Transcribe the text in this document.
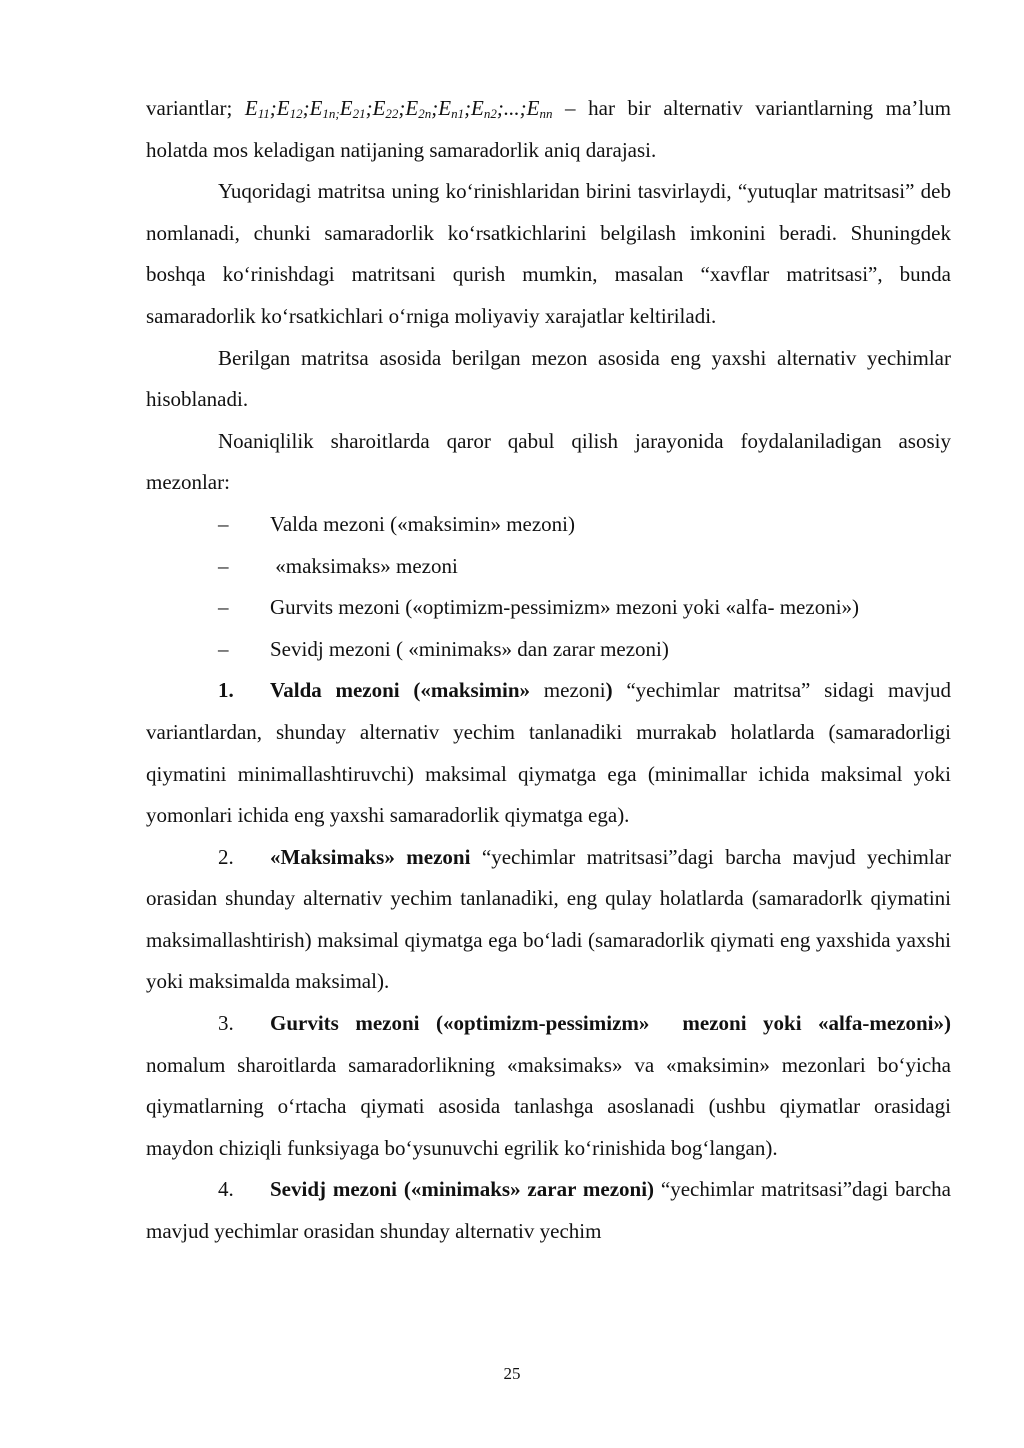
variantlar; $E_{11};E_{12};E_{1n;}E_{21};E_{22};E_{2n};E_{n1};E_{n2};...;E_{nn}$ – har bir alternativ variantlarning ma’lum holatda mos keladigan natijaning samaradorlik aniq darajasi.

Yuqoridagi matritsa uning ko‘rinishlaridan birini tasvirlaydi, “yutuqlar matritsasi” deb nomlanadi, chunki samaradorlik ko‘rsatkichlarini belgilash imkonini beradi. Shuningdek boshqa ko‘rinishdagi matritsani qurish mumkin, masalan “xavflar matritsasi”, bunda samaradorlik ko‘rsatkichlari o‘rniga moliyaviy xarajatlar keltiriladi.

Berilgan matritsa asosida berilgan mezon asosida eng yaxshi alternativ yechimlar hisoblanadi.

Noaniqlilik sharoitlarda qaror qabul qilish jarayonida foydalaniladigan asosiy mezonlar:

– Valda mezoni («maksimin» mezoni)

– «maksimaks» mezoni

– Gurvits mezoni («optimizm-pessimizm» mezoni yoki «alfa- mezoni»)

– Sevidj mezoni ( «minimaks» dan zarar mezoni)

1. Valda mezoni («maksimin» mezoni) “yechimlar matritsa” sidagi mavjud variantlardan, shunday alternativ yechim tanlanadiki murrakab holatlarda (samaradorligi qiymatini minimallashtiruvchi) maksimal qiymatga ega (minimallar ichida maksimal yoki yomonlari ichida eng yaxshi samaradorlik qiymatga ega).

2. «Maksimaks» mezoni “yechimlar matritsasi”dagi barcha mavjud yechimlar orasidan shunday alternativ yechim tanlanadiki, eng qulay holatlarda (samaradorlk qiymatini maksimallashtirish) maksimal qiymatga ega bo‘ladi (samaradorlik qiymati eng yaxshida yaxshi yoki maksimalda maksimal).

3. Gurvits mezoni («optimizm-pessimizm»  mezoni yoki «alfa-mezoni») nomalum sharoitlarda samaradorlikning «maksimaks» va «maksimin» mezonlari bo‘yicha qiymatlarning o‘rtacha qiymati asosida tanlashga asoslanadi (ushbu qiymatlar orasidagi maydon chiziqli funksiyaga bo‘ysunuvchi egrilik ko‘rinishida bog‘langan).

4. Sevidj mezoni («minimaks» zarar mezoni) “yechimlar matritsasi”dagi barcha mavjud yechimlar orasidan shunday alternativ yechim

25
